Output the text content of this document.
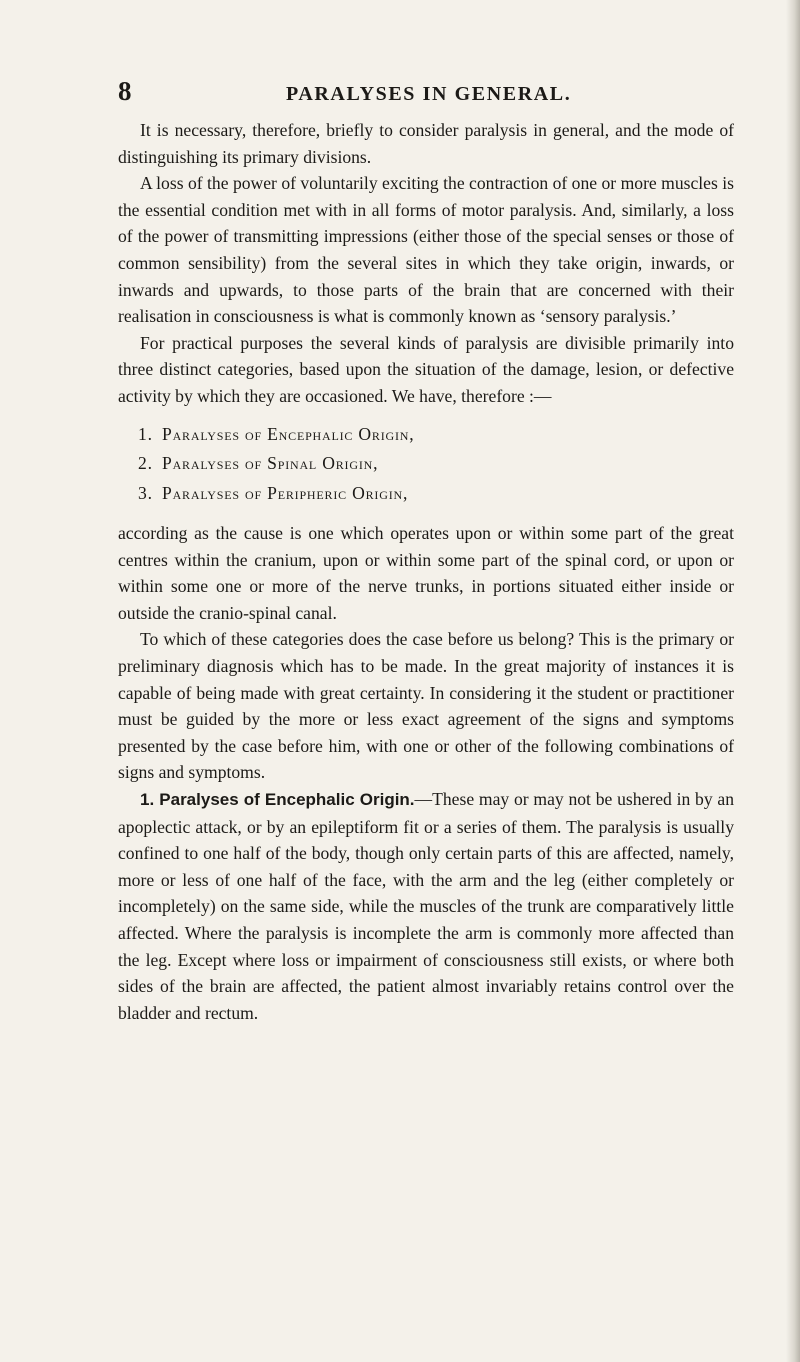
8	PARALYSES IN GENERAL.

It is necessary, therefore, briefly to consider paralysis in general, and the mode of distinguishing its primary divisions.

A loss of the power of voluntarily exciting the contraction of one or more muscles is the essential condition met with in all forms of motor paralysis. And, similarly, a loss of the power of transmitting impressions (either those of the special senses or those of common sensibility) from the several sites in which they take origin, inwards, or inwards and upwards, to those parts of the brain that are concerned with their realisation in consciousness is what is commonly known as ‘sensory paralysis.’

For practical purposes the several kinds of paralysis are divisible primarily into three distinct categories, based upon the situation of the damage, lesion, or defective activity by which they are occasioned. We have, therefore :—

1. Paralyses of Encephalic Origin,
2. Paralyses of Spinal Origin,
3. Paralyses of Peripheric Origin,

according as the cause is one which operates upon or within some part of the great centres within the cranium, upon or within some part of the spinal cord, or upon or within some one or more of the nerve trunks, in portions situated either inside or outside the cranio-spinal canal.

To which of these categories does the case before us belong? This is the primary or preliminary diagnosis which has to be made. In the great majority of instances it is capable of being made with great certainty. In considering it the student or practitioner must be guided by the more or less exact agreement of the signs and symptoms presented by the case before him, with one or other of the following combinations of signs and symptoms.

1. Paralyses of Encephalic Origin.—These may or may not be ushered in by an apoplectic attack, or by an epileptiform fit or a series of them. The paralysis is usually confined to one half of the body, though only certain parts of this are affected, namely, more or less of one half of the face, with the arm and the leg (either completely or incompletely) on the same side, while the muscles of the trunk are comparatively little affected. Where the paralysis is incomplete the arm is commonly more affected than the leg. Except where loss or impairment of consciousness still exists, or where both sides of the brain are affected, the patient almost invariably retains control over the bladder and rectum.
